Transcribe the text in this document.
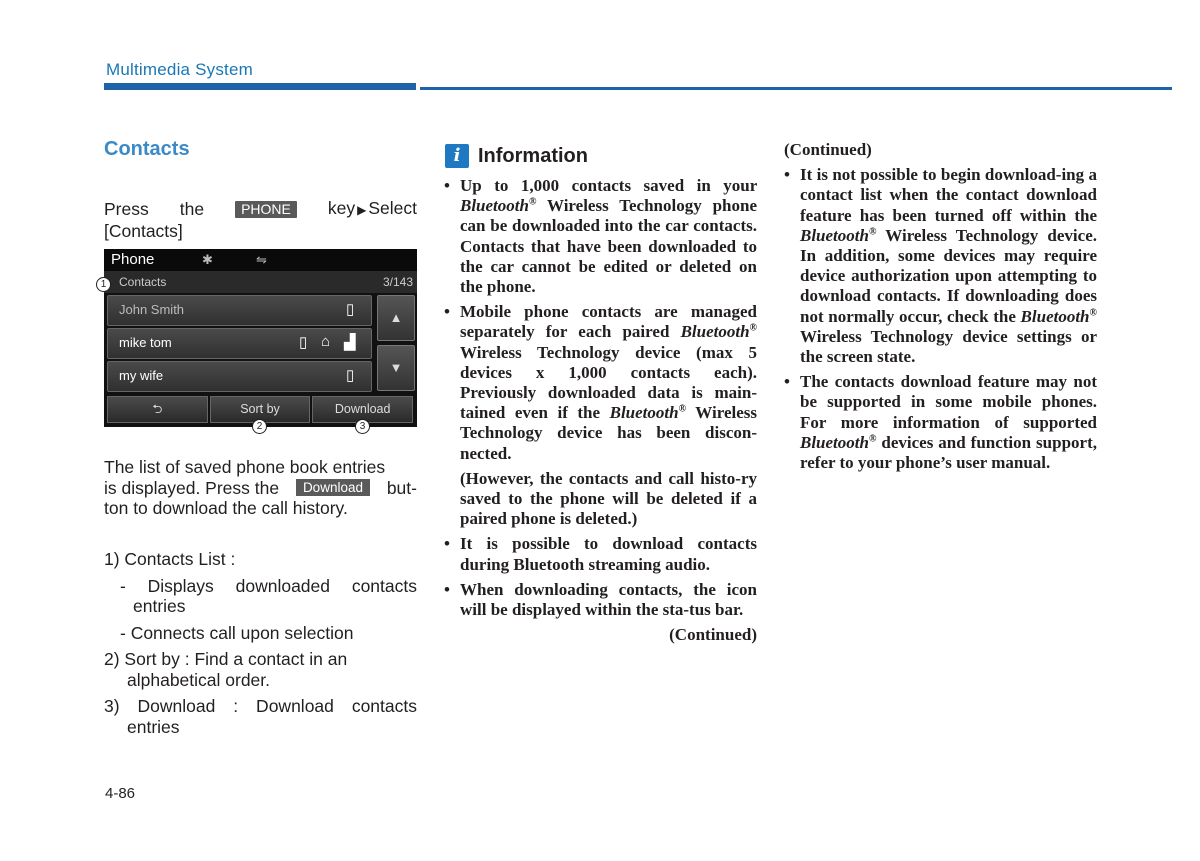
Multimedia System
Contacts
Press the	PHONE	key ▶ Select
[Contacts]
Phone	✱	⇋
Contacts	3/143
John Smith	▯
mike tom	▯ ⌂ ▟
my wife	▯
▲
▼
⮌	Sort by	Download
1
2	3
The list of saved phone book entries
is displayed. Press the	Download	but-
ton to download the call history.
1) Contacts List :
- Displays downloaded contacts entries
- Connects call upon selection
2) Sort by : Find a contact in an alphabetical order.
3) Download : Download contacts entries
4-86
i Information
• Up to 1,000 contacts saved in your Bluetooth® Wireless Technology phone can be downloaded into the car contacts. Contacts that have been downloaded to the car cannot be edited or deleted on the phone.
• Mobile phone contacts are managed separately for each paired Bluetooth® Wireless Technology device (max 5 devices x 1,000 contacts each). Previously downloaded data is main-tained even if the Bluetooth® Wireless Technology device has been discon-nected.
(However, the contacts and call histo-ry saved to the phone will be deleted if a paired phone is deleted.)
• It is possible to download contacts during Bluetooth streaming audio.
• When downloading contacts, the icon will be displayed within the sta-tus bar.
(Continued)
(Continued)
• It is not possible to begin download-ing a contact list when the contact download feature has been turned off within the Bluetooth® Wireless Technology device. In addition, some devices may require device authorization upon attempting to download contacts. If downloading does not normally occur, check the Bluetooth® Wireless Technology device settings or the screen state.
• The contacts download feature may not be supported in some mobile phones. For more information of supported Bluetooth® devices and function support, refer to your phone’s user manual.
